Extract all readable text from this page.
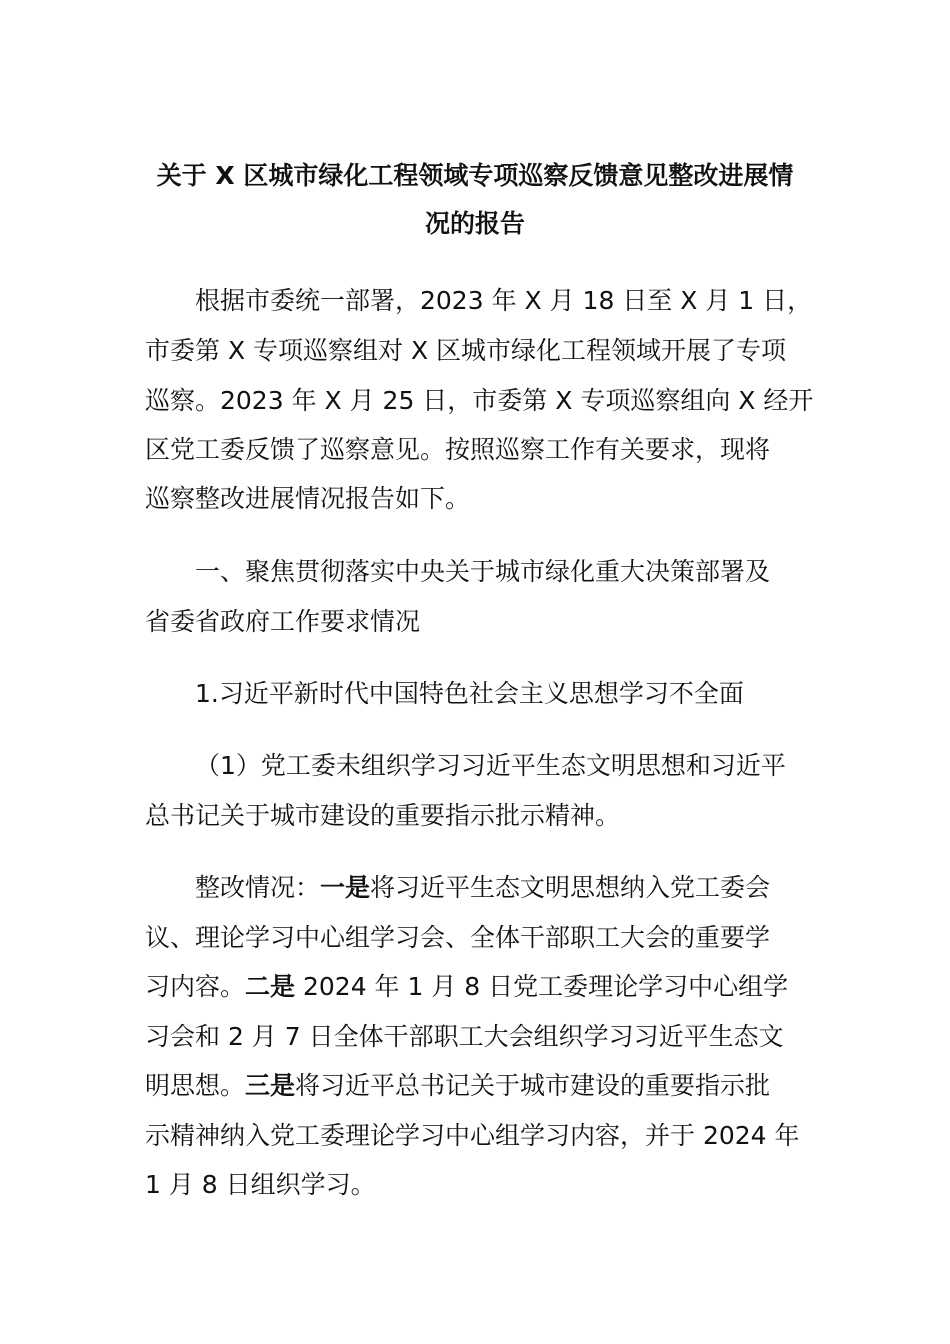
关于 X 区城市绿化工程领域专项巡察反馈意见整改进展情
况的报告
根据市委统一部署，2023 年 X 月 18 日至 X 月 1 日，
市委第 X 专项巡察组对 X 区城市绿化工程领域开展了专项
巡察。2023 年 X 月 25 日，市委第 X 专项巡察组向 X 经开
区党工委反馈了巡察意见。按照巡察工作有关要求，现将
巡察整改进展情况报告如下。
一、聚焦贯彻落实中央关于城市绿化重大决策部署及
省委省政府工作要求情况
1.习近平新时代中国特色社会主义思想学习不全面
（1）党工委未组织学习习近平生态文明思想和习近平
总书记关于城市建设的重要指示批示精神。
整改情况：一是将习近平生态文明思想纳入党工委会
议、理论学习中心组学习会、全体干部职工大会的重要学
习内容。二是 2024 年 1 月 8 日党工委理论学习中心组学
习会和 2 月 7 日全体干部职工大会组织学习习近平生态文
明思想。三是将习近平总书记关于城市建设的重要指示批
示精神纳入党工委理论学习中心组学习内容，并于 2024 年
1 月 8 日组织学习。
